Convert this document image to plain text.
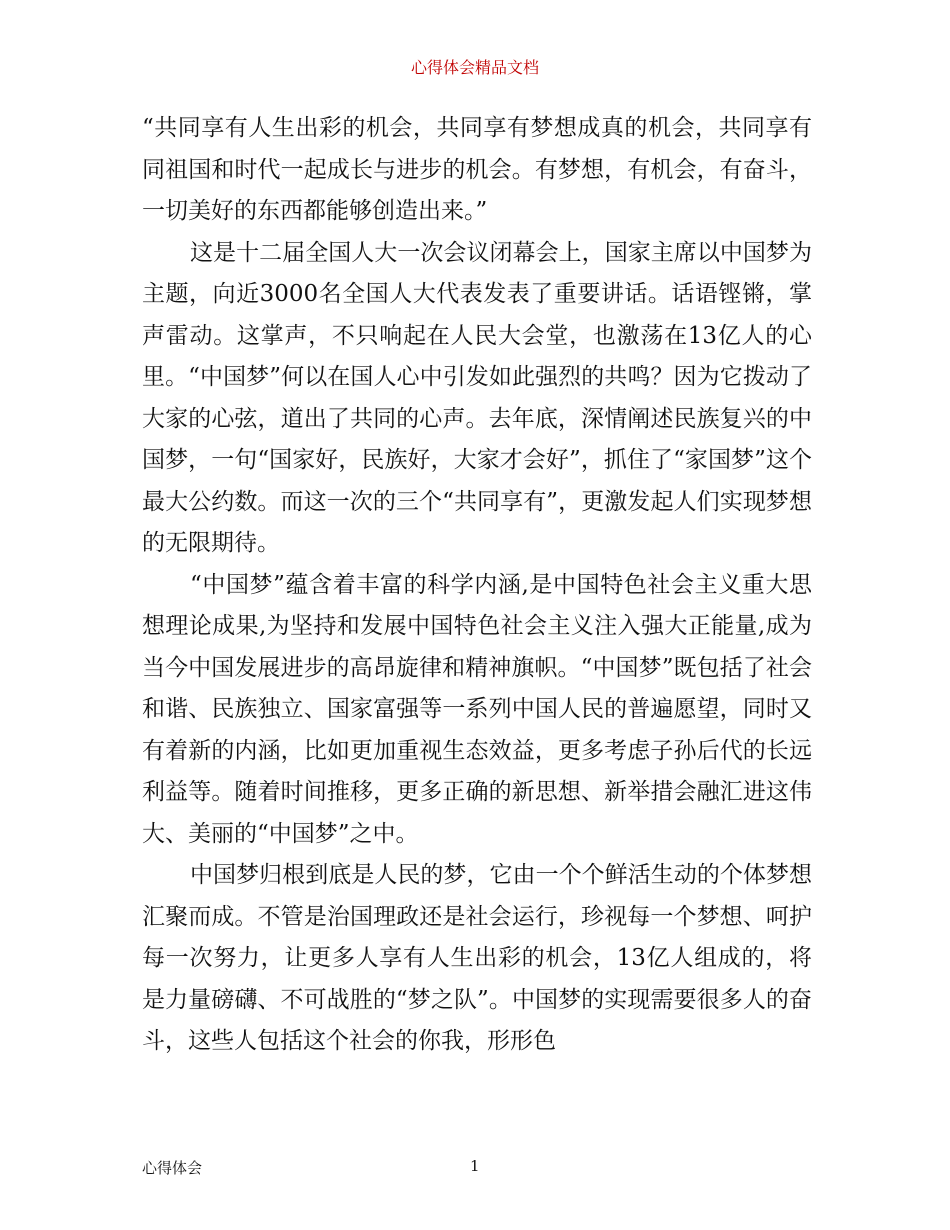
心得体会精品文档

“共同享有人生出彩的机会，共同享有梦想成真的机会，共同享有同祖国和时代一起成长与进步的机会。有梦想，有机会，有奋斗，一切美好的东西都能够创造出来。”

这是十二届全国人大一次会议闭幕会上，国家主席以中国梦为主题，向近3000名全国人大代表发表了重要讲话。话语铿锵，掌声雷动。这掌声，不只响起在人民大会堂，也激荡在13亿人的心里。“中国梦”何以在国人心中引发如此强烈的共鸣？因为它拨动了大家的心弦，道出了共同的心声。去年底，深情阐述民族复兴的中国梦，一句“国家好，民族好，大家才会好”，抓住了“家国梦”这个最大公约数。而这一次的三个“共同享有”，更激发起人们实现梦想的无限期待。

“中国梦”蕴含着丰富的科学内涵,是中国特色社会主义重大思想理论成果,为坚持和发展中国特色社会主义注入强大正能量,成为当今中国发展进步的高昂旋律和精神旗帜。“中国梦”既包括了社会和谐、民族独立、国家富强等一系列中国人民的普遍愿望，同时又有着新的内涵，比如更加重视生态效益，更多考虑子孙后代的长远利益等。随着时间推移，更多正确的新思想、新举措会融汇进这伟大、美丽的“中国梦”之中。

中国梦归根到底是人民的梦，它由一个个鲜活生动的个体梦想汇聚而成。不管是治国理政还是社会运行，珍视每一个梦想、呵护每一次努力，让更多人享有人生出彩的机会，13亿人组成的，将是力量磅礴、不可战胜的“梦之队”。中国梦的实现需要很多人的奋斗，这些人包括这个社会的你我，形形色

心得体会	1
